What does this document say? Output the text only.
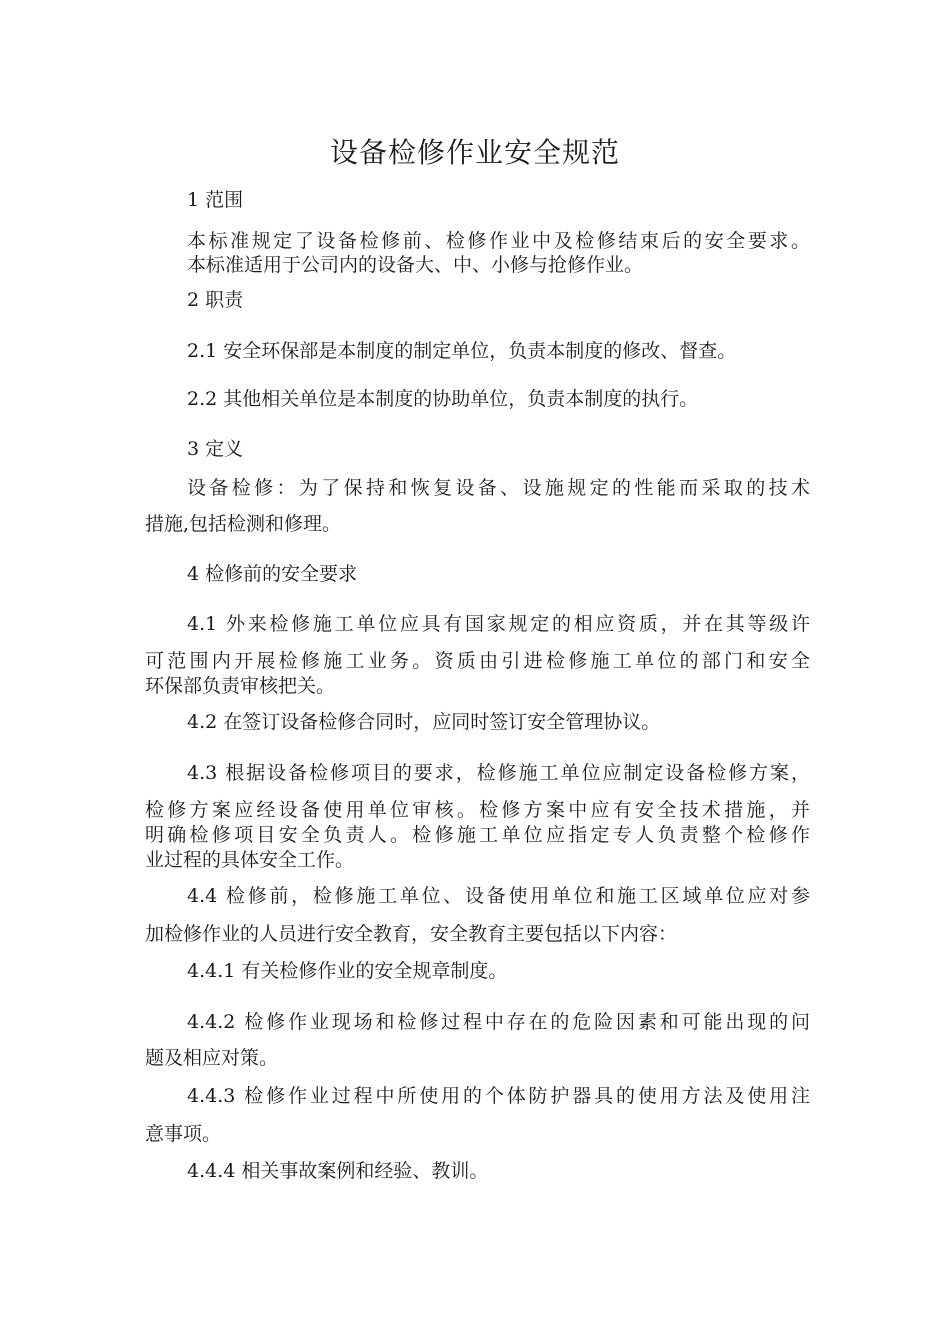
设备检修作业安全规范
1 范围
本标准规定了设备检修前、检修作业中及检修结束后的安全要求。
本标准适用于公司内的设备大、中、小修与抢修作业。
2 职责
2.1 安全环保部是本制度的制定单位，负责本制度的修改、督查。
2.2 其他相关单位是本制度的协助单位，负责本制度的执行。
3 定义
设备检修：为了保持和恢复设备、设施规定的性能而采取的技术
措施,包括检测和修理。
4 检修前的安全要求
4.1 外来检修施工单位应具有国家规定的相应资质，并在其等级许
可范围内开展检修施工业务。资质由引进检修施工单位的部门和安全
环保部负责审核把关。
4.2 在签订设备检修合同时，应同时签订安全管理协议。
4.3 根据设备检修项目的要求，检修施工单位应制定设备检修方案，
检修方案应经设备使用单位审核。检修方案中应有安全技术措施，并
明确检修项目安全负责人。检修施工单位应指定专人负责整个检修作
业过程的具体安全工作。
4.4 检修前，检修施工单位、设备使用单位和施工区域单位应对参
加检修作业的人员进行安全教育，安全教育主要包括以下内容：
4.4.1 有关检修作业的安全规章制度。
4.4.2 检修作业现场和检修过程中存在的危险因素和可能出现的问
题及相应对策。
4.4.3 检修作业过程中所使用的个体防护器具的使用方法及使用注
意事项。
4.4.4 相关事故案例和经验、教训。
